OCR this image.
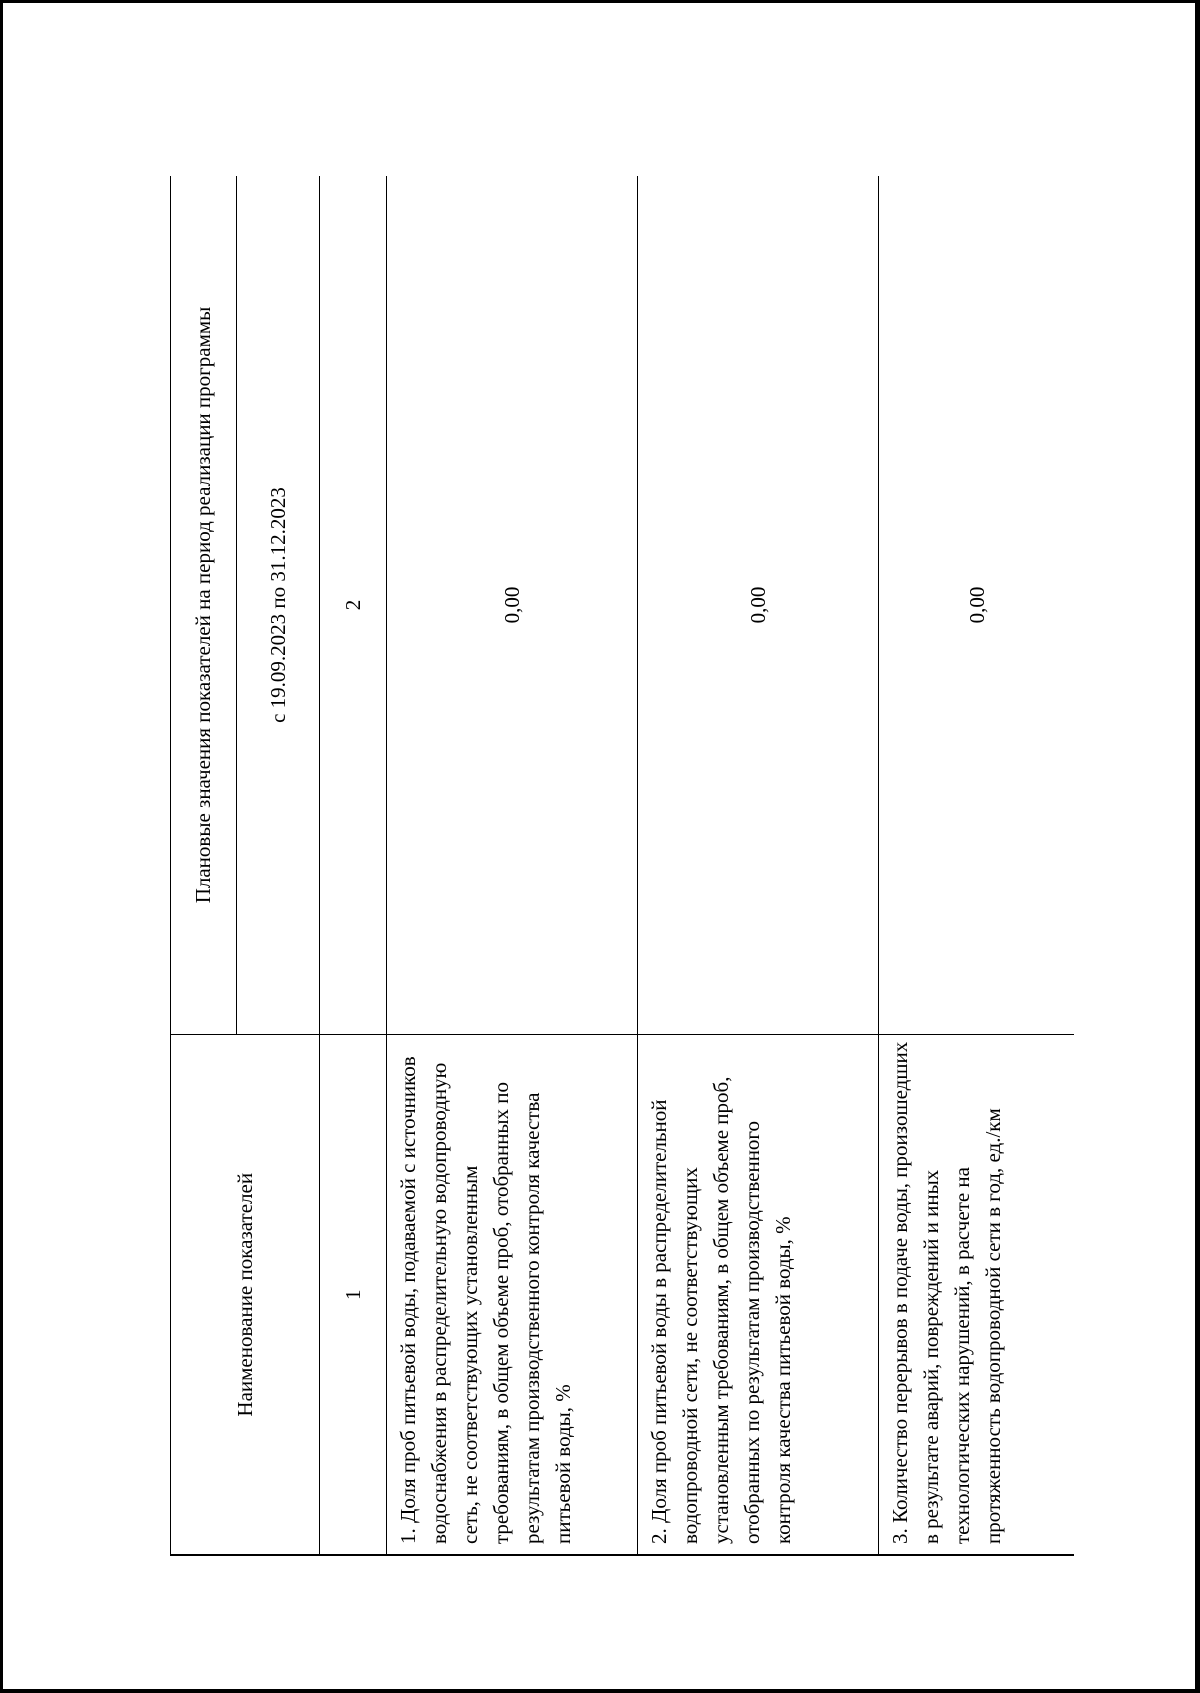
Наименование показателей	Плановые значения показателей на период реализации программы
	с 19.09.2023 по 31.12.2023
1	2
1. Доля проб питьевой воды, подаваемой с источников водоснабжения в распределительную водопроводную сеть, не соответствующих установленным требованиям, в общем объеме проб, отобранных по результатам производственного контроля качества питьевой воды, %	0,00
2. Доля проб питьевой воды в распределительной водопроводной сети, не соответствующих установленным требованиям, в общем объеме проб, отобранных по результатам производственного контроля качества питьевой воды, %	0,00
3. Количество перерывов в подаче воды, произошедших в результате аварий, повреждений и иных технологических нарушений, в расчете на протяженность водопроводной сети в год, ед./км	0,00
